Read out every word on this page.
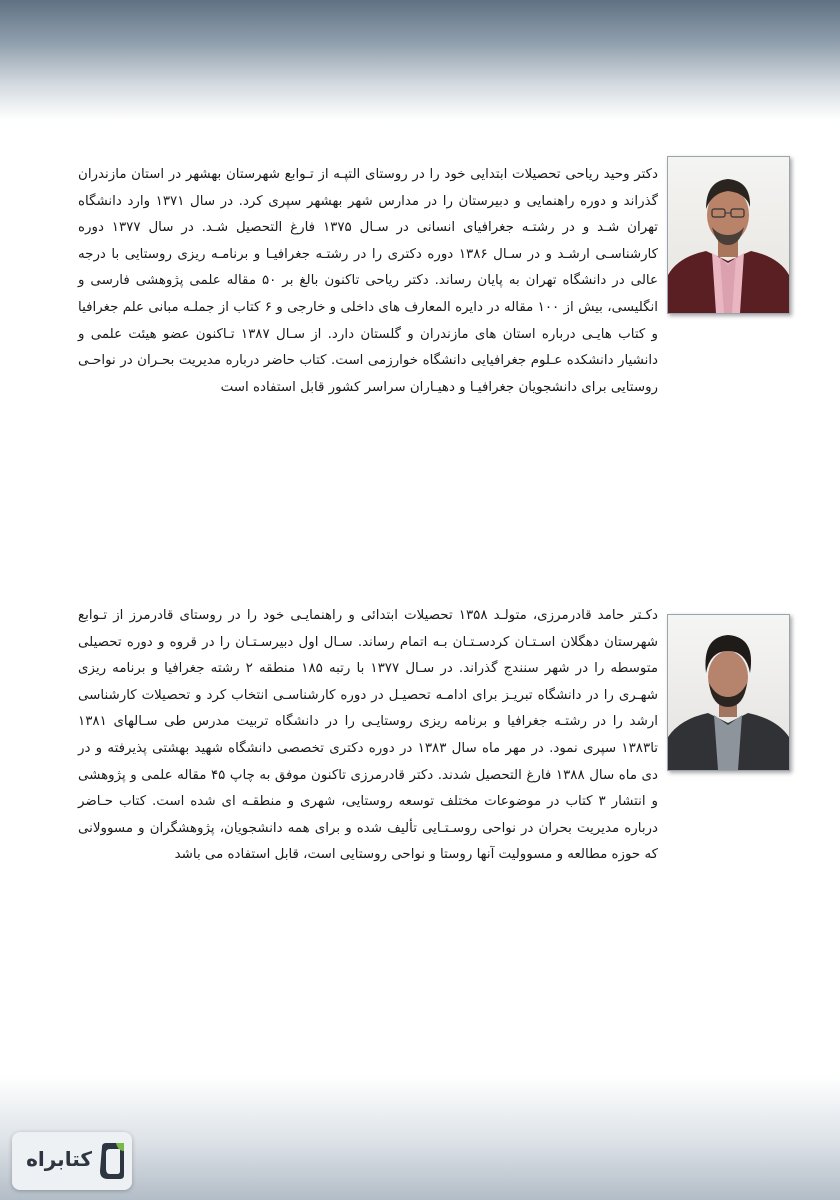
دکتر وحید ریاحی تحصیلات ابتدایی خود را در روستای التپـه از تـوابع شهرستان بهشهر در استان مازندران گذراند و دوره راهنمایی و دبیرستان را در مدارس شهر بهشهر سپری کرد. در سال ۱۳۷۱ وارد دانشگاه تهران شـد و در رشتـه جغرافیای انسانی در سـال ۱۳۷۵ فارغ التحصیل شـد. در سال ۱۳۷۷ دوره کارشناسـی ارشـد و در سـال ۱۳۸۶ دوره دکتری را در رشتـه جغرافیـا و برنامـه ریزی روستایی با درجه عالی در دانشگاه تهران به پایان رساند. دکتر ریاحی تاکنون بالغ بر ۵۰ مقاله علمی پژوهشی فارسی و انگلیسی، بیش از ۱۰۰ مقاله در دایره المعارف های داخلی و خارجی و ۶ کتاب از جملـه مبانی علم جغرافیا و کتاب هایـی درباره استان های مازندران و گلستان دارد. از سـال ۱۳۸۷ تـاکنون عضو هیئت علمی و دانشیار دانشکده عـلوم جغرافیایی دانشگاه خوارزمی است. کتاب حاضر درباره مدیریت بحـران در نواحـی روستایی برای دانشجویان جغرافیـا و دهیـاران سراسر کشور قابل استفاده است

دکـتر حامد قادرمرزی، متولـد ۱۳۵۸ تحصیلات ابتدائی و راهنمایـی خود را در روستای قادرمرز از تـوابع شهرستان دهگلان اسـتـان کردسـتـان بـه اتمام رساند. سـال اول دبیرسـتـان را در قروه و دوره تحصیلی متوسطه را در شهر سنندج گذراند. در سـال ۱۳۷۷ با رتبه ۱۸۵ منطقه ۲ رشته جغرافیا و برنامه ریزی شهـری را در دانشگاه تبریـز برای ادامـه تحصیـل در دوره کارشناسـی انتخاب کرد و تحصیلات کارشناسی ارشد را در رشتـه جغرافیا و برنامه ریزی روستایـی را در دانشگاه تربیت مدرس طی سـالهای ۱۳۸۱ تا۱۳۸۳ سپری نمود. در مهر ماه سال ۱۳۸۳ در دوره دکتری تخصصی دانشگاه شهید بهشتی پذیرفته و در دی ماه سال ۱۳۸۸ فارغ التحصیل شدند. دکتر قادرمرزی تاکنون موفق به چاپ ۴۵ مقاله علمی و پژوهشی و انتشار ۳ کتاب در موضوعات مختلف توسعه روستایی، شهری و منطقـه ای شده است. کتاب حـاضر درباره مدیریت بحران در نواحی روسـتـایی تألیف شده و برای همه دانشجویان، پژوهشگران و مسوولانی که حوزه مطالعه و مسوولیت آنها روستا و نواحی روستایی است، قابل استفاده می باشد

کتابراه
